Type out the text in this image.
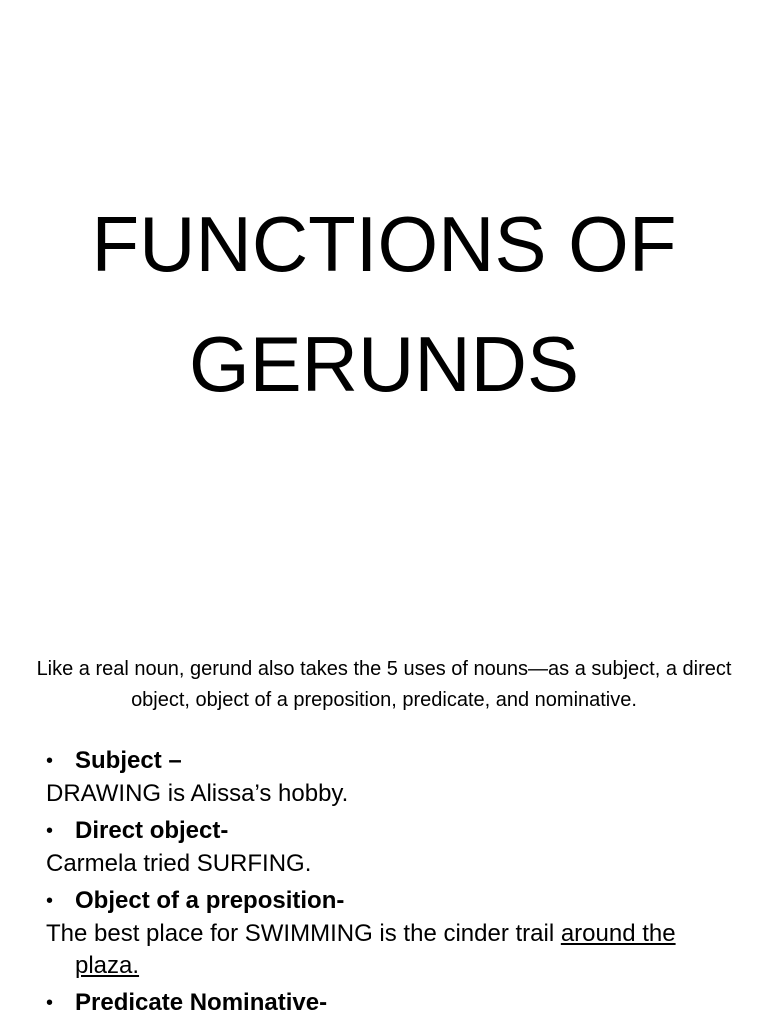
FUNCTIONS OF
GERUNDS

Like a real noun, gerund also takes the 5 uses of nouns—as a subject, a direct object, object of a preposition, predicate, and nominative.

• Subject –
DRAWING is Alissa’s hobby.
• Direct object-
Carmela tried SURFING.
• Object of a preposition-
The best place for SWIMMING is the cinder trail around the plaza.
• Predicate Nominative-
